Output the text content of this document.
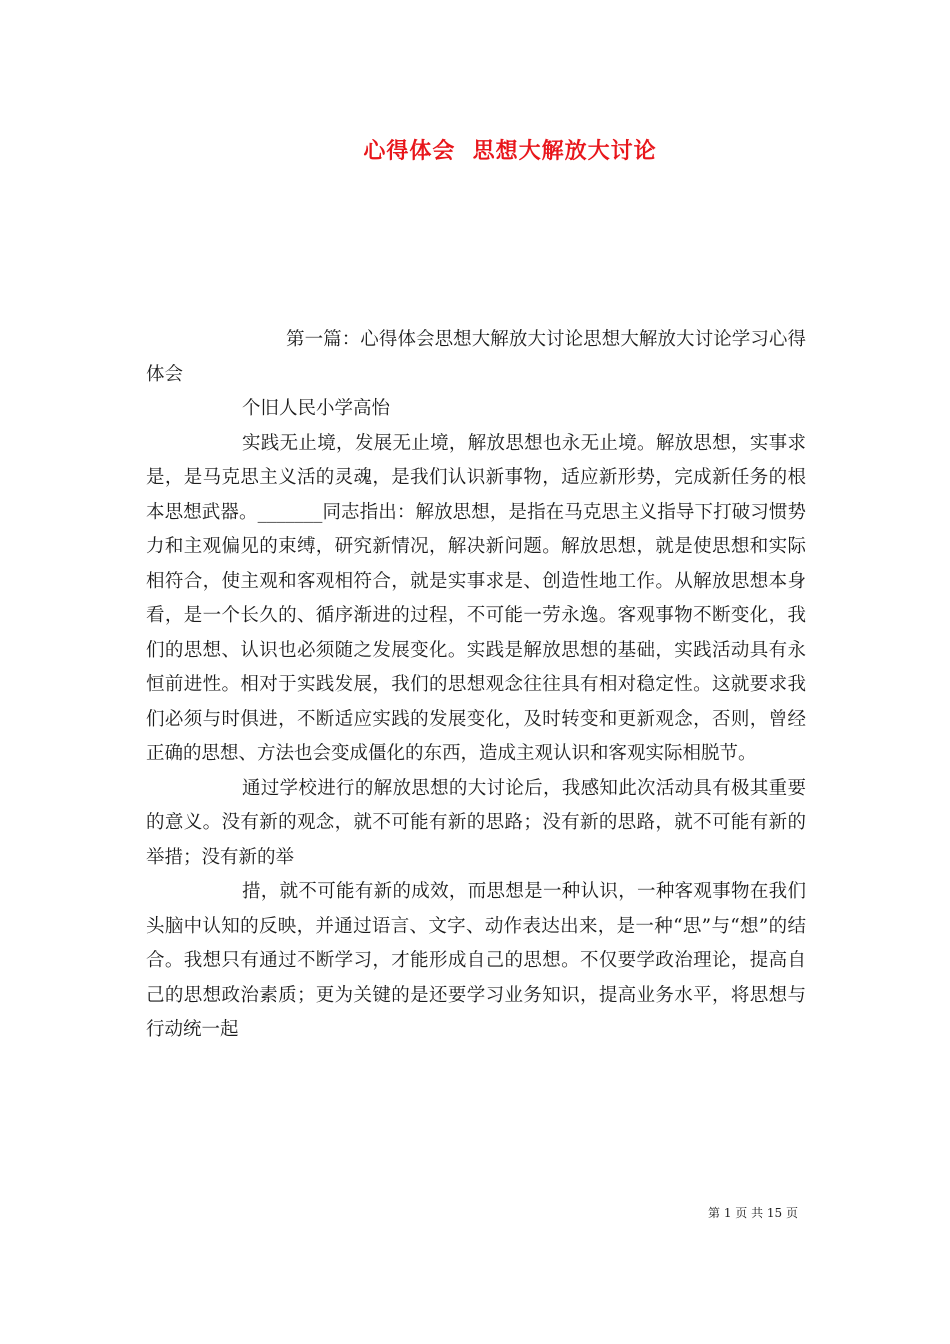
心得体会  思想大解放大讨论

第一篇：心得体会思想大解放大讨论思想大解放大讨论学习心得体会

个旧人民小学高怡

实践无止境，发展无止境，解放思想也永无止境。解放思想，实事求是，是马克思主义活的灵魂，是我们认识新事物，适应新形势，完成新任务的根本思想武器。_______同志指出：解放思想，是指在马克思主义指导下打破习惯势力和主观偏见的束缚，研究新情况，解决新问题。解放思想，就是使思想和实际相符合，使主观和客观相符合，就是实事求是、创造性地工作。从解放思想本身看，是一个长久的、循序渐进的过程，不可能一劳永逸。客观事物不断变化，我们的思想、认识也必须随之发展变化。实践是解放思想的基础，实践活动具有永恒前进性。相对于实践发展，我们的思想观念往往具有相对稳定性。这就要求我们必须与时俱进，不断适应实践的发展变化，及时转变和更新观念，否则，曾经正确的思想、方法也会变成僵化的东西，造成主观认识和客观实际相脱节。

通过学校进行的解放思想的大讨论后，我感知此次活动具有极其重要的意义。没有新的观念，就不可能有新的思路；没有新的思路，就不可能有新的举措；没有新的举

措，就不可能有新的成效，而思想是一种认识，一种客观事物在我们头脑中认知的反映，并通过语言、文字、动作表达出来，是一种“思”与“想”的结合。我想只有通过不断学习，才能形成自己的思想。不仅要学政治理论，提高自己的思想政治素质；更为关键的是还要学习业务知识，提高业务水平，将思想与行动统一起

第 1 页 共 15 页
